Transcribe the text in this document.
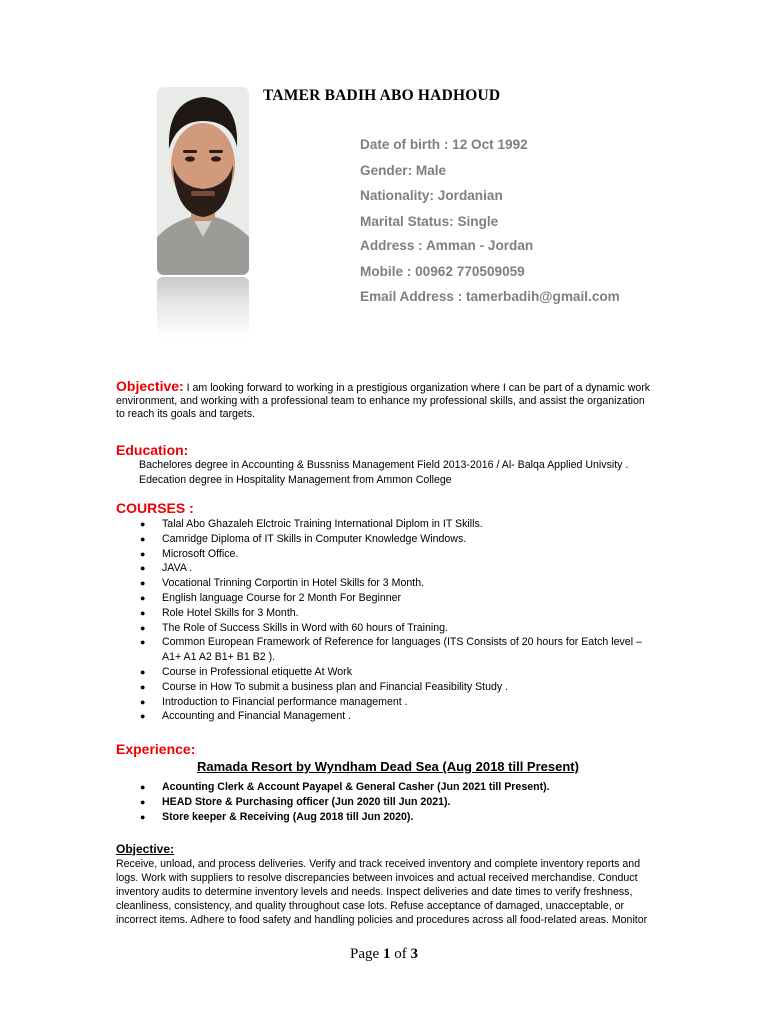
TAMER BADIH ABO HADHOUD
Date of birth : 12 Oct 1992
Gender: Male
Nationality: Jordanian
Marital Status: Single
Address : Amman - Jordan
Mobile : 00962 770509059
Email Address : tamerbadih@gmail.com
Objective: I am looking forward to working in a prestigious organization where I can be part of a dynamic work environment, and working with a professional team to enhance my professional skills, and assist the organization to reach its goals and targets.
Education:
Bachelores degree in Accounting & Bussniss Management Field 2013-2016 / Al- Balqa Applied Univsity .
Edecation degree in Hospitality Management from Ammon College
COURSES :
● Talal Abo Ghazaleh Elctroic Training International Diplom in IT Skills.
● Camridge Diploma of IT Skills in Computer Knowledge Windows.
● Microsoft Office.
● JAVA .
● Vocational Trinning Corportin in Hotel Skills for 3 Month.
● English language Course for 2 Month For Beginner
● Role Hotel Skills for 3 Month.
● The Role of Success Skills in Word with 60 hours of Training.
● Common European Framework of Reference for languages (ITS Consists of 20 hours for Eatch level – A1+ A1 A2 B1+ B1 B2 ).
● Course in Professional etiquette At Work
● Course in How To submit a business plan and Financial Feasibility Study .
● Introduction to Financial performance management .
● Accounting and Financial Management .
Experience:
Ramada Resort by Wyndham Dead Sea (Aug 2018 till Present)
● Acounting Clerk & Account Payapel & General Casher (Jun 2021 till Present).
● HEAD Store & Purchasing officer (Jun 2020 till Jun 2021).
● Store keeper & Receiving (Aug 2018 till Jun 2020).
Objective:
Receive, unload, and process deliveries. Verify and track received inventory and complete inventory reports and logs. Work with suppliers to resolve discrepancies between invoices and actual received merchandise. Conduct inventory audits to determine inventory levels and needs. Inspect deliveries and date times to verify freshness, cleanliness, consistency, and quality throughout case lots. Refuse acceptance of damaged, unacceptable, or incorrect items. Adhere to food safety and handling policies and procedures across all food-related areas. Monitor
Page 1 of 3
